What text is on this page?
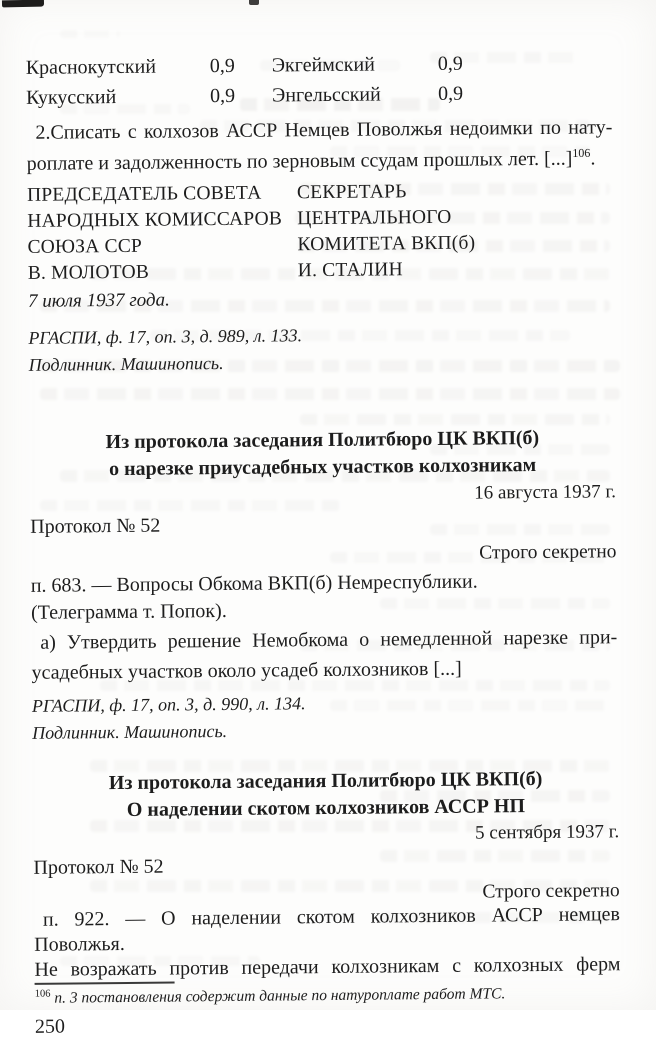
Краснокутский	0,9	Экгеймский	0,9
Кукусский	0,9	Энгельсский	0,9
2.Списать с колхозов АССР Немцев Поволжья недоимки по нату-
роплате и задолженность по зерновым ссудам прошлых лет. [...]$^{106}$.
ПРЕДСЕДАТЕЛЬ СОВЕТА
НАРОДНЫХ КОМИССАРОВ
СОЮЗА ССР
В. МОЛОТОВ
СЕКРЕТАРЬ
ЦЕНТРАЛЬНОГО
КОМИТЕТА ВКП(б)
И. СТАЛИН
7 июля 1937 года.
РГАСПИ, ф. 17, оп. 3, д. 989, л. 133.
Подлинник. Машинопись.
Из протокола заседания Политбюро ЦК ВКП(б)
о нарезке приусадебных участков колхозникам
16 августа 1937 г.
Протокол № 52
Строго секретно
п. 683. — Вопросы Обкома ВКП(б) Немреспублики.
(Телеграмма т. Попок).
а) Утвердить решение Немобкома о немедленной нарезке при-
усадебных участков около усадеб колхозников [...]
РГАСПИ, ф. 17, оп. 3, д. 990, л. 134.
Подлинник. Машинопись.
Из протокола заседания Политбюро ЦК ВКП(б)
О наделении скотом колхозников АССР НП
5 сентября 1937 г.
Протокол № 52
Строго секретно
п. 922. — О наделении скотом колхозников АССР немцев Поволжья.
Не возражать против передачи колхозникам с колхозных ферм
$^{106}$ п. 3 постановления содержит данные по натуроплате работ МТС.
250
